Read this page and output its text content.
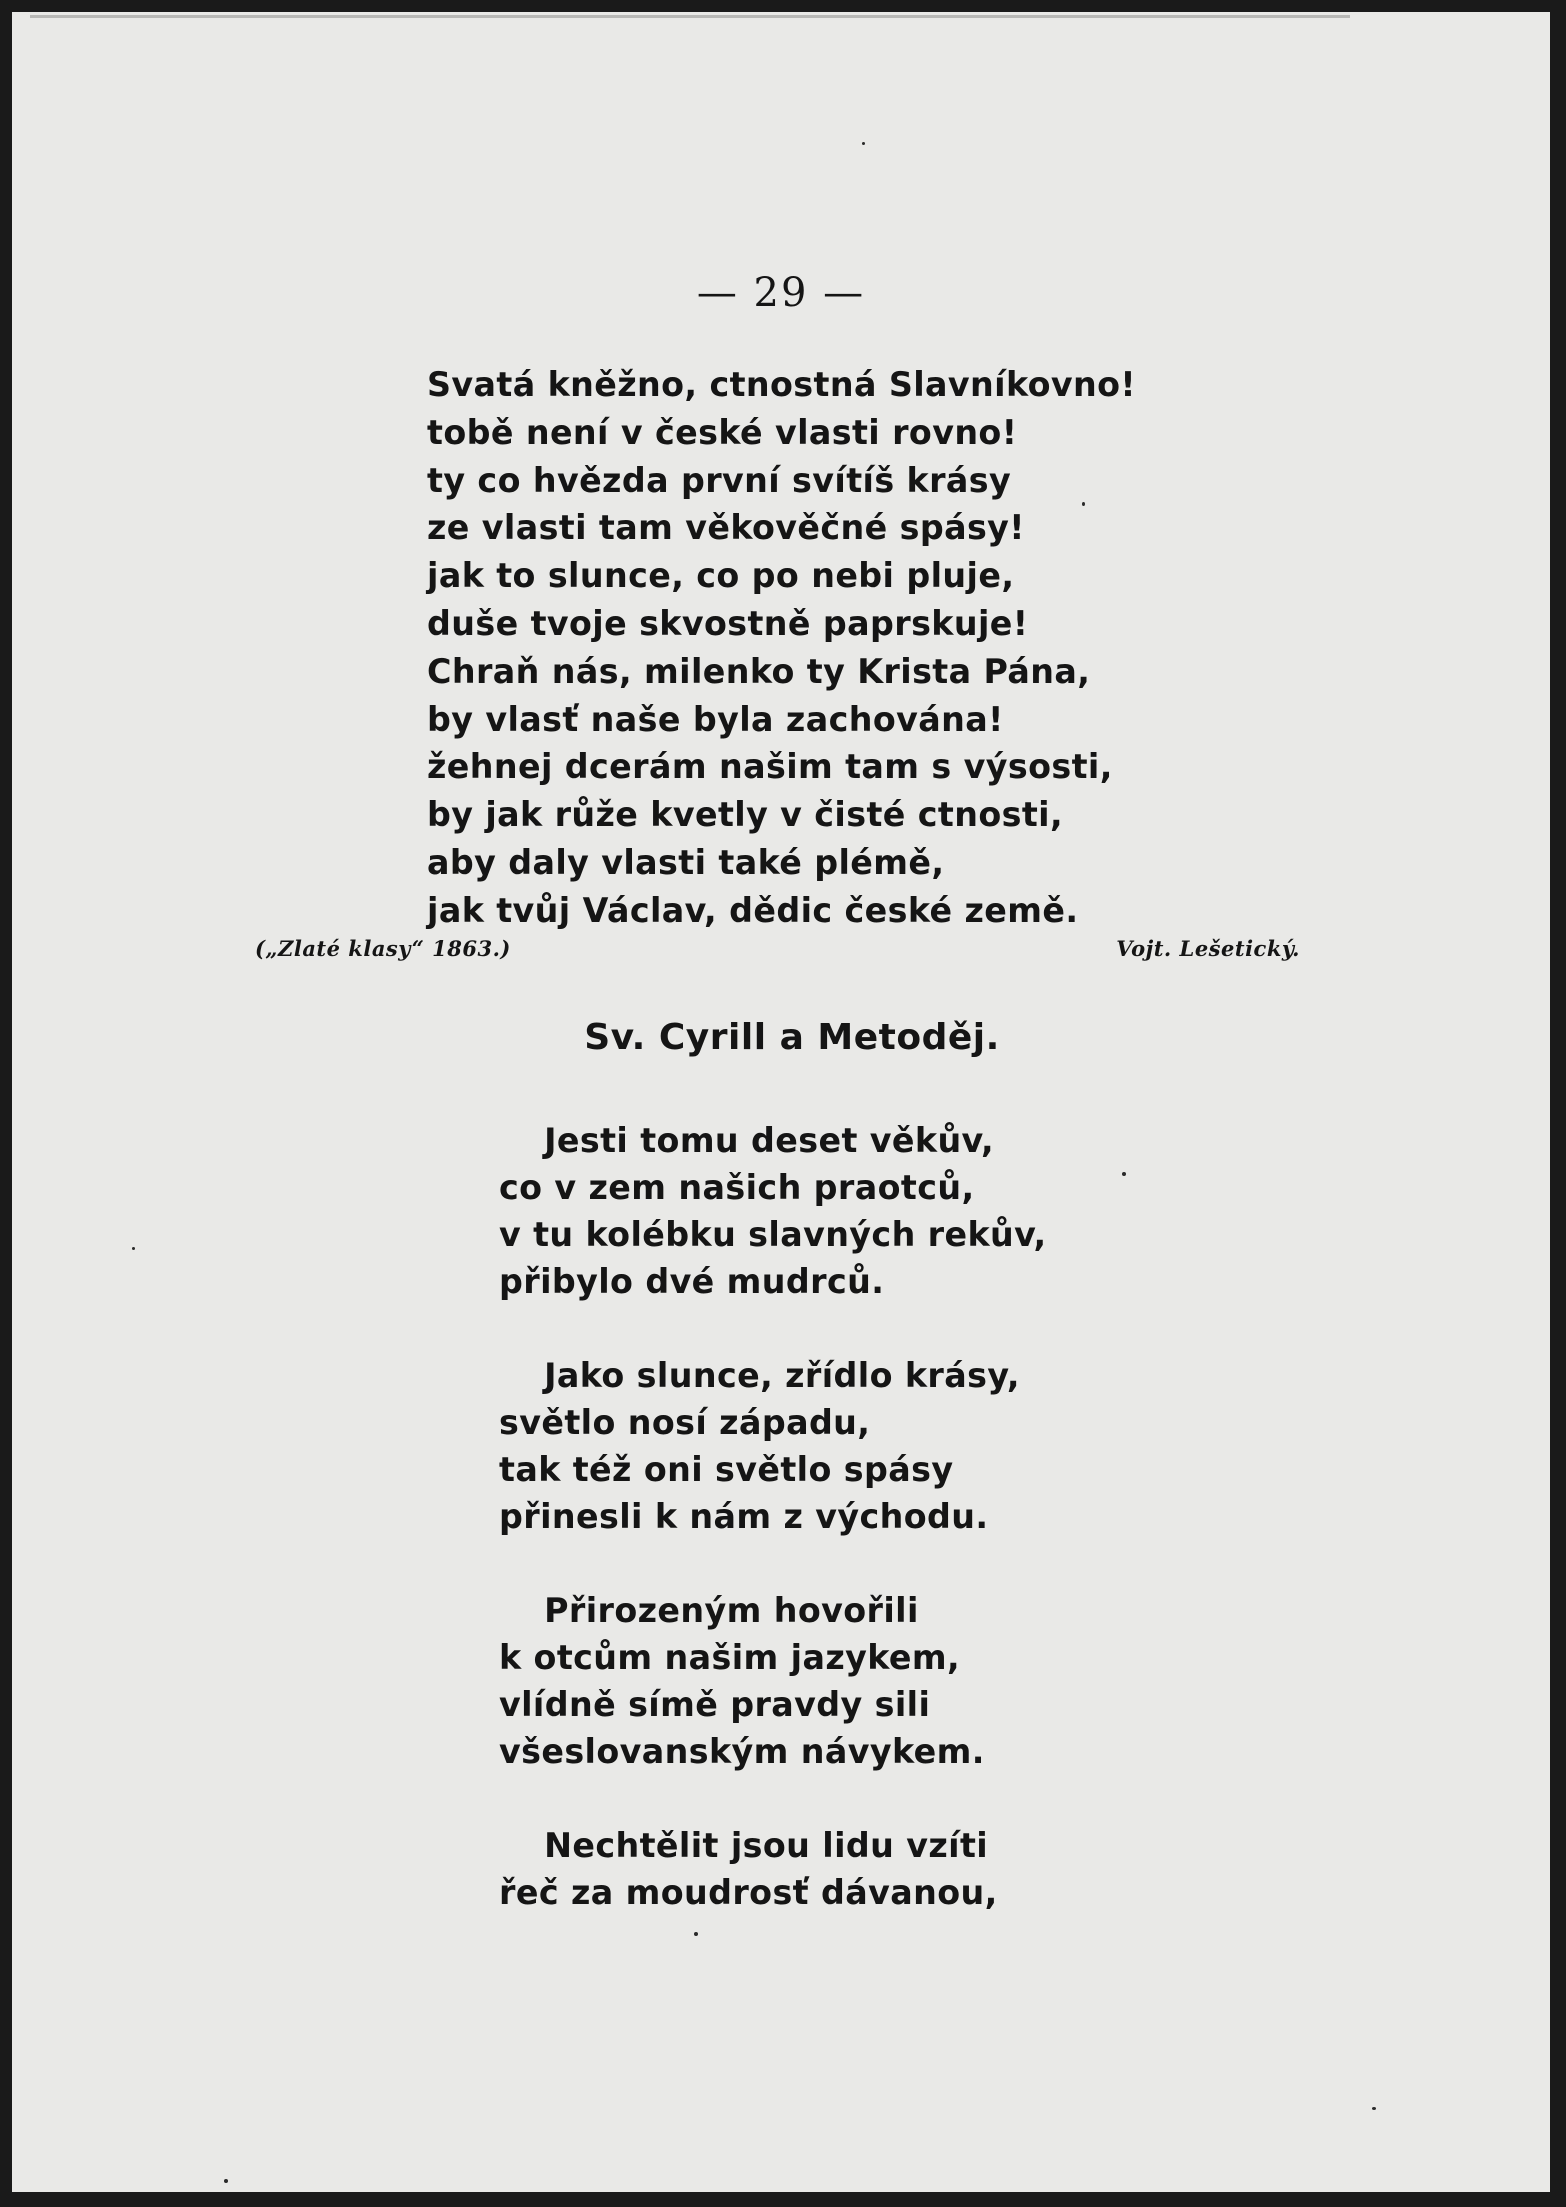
— 29 —
Svatá kněžno, ctnostná Slavníkovno!
tobě není v české vlasti rovno!
ty co hvězda první svítíš krásy
ze vlasti tam věkověčné spásy!
jak to slunce, co po nebi pluje,
duše tvoje skvostně paprskuje!
Chraň nás, milenko ty Krista Pána,
by vlasť naše byla zachována!
žehnej dcerám našim tam s výsosti,
by jak růže kvetly v čisté ctnosti,
aby daly vlasti také plémě,
jak tvůj Václav, dědic české země.
(„Zlaté klasy“ 1863.)	Vojt. Lešetický.
Sv. Cyrill a Metoděj.
Jesti tomu deset věkův,
co v zem našich praotců,
v tu kolébku slavných rekův,
přibylo dvé mudrců.
Jako slunce, zřídlo krásy,
světlo nosí západu,
tak též oni světlo spásy
přinesli k nám z východu.
Přirozeným hovořili
k otcům našim jazykem,
vlídně símě pravdy sili
všeslovanským návykem.
Nechtělit jsou lidu vzíti
řeč za moudrosť dávanou,
